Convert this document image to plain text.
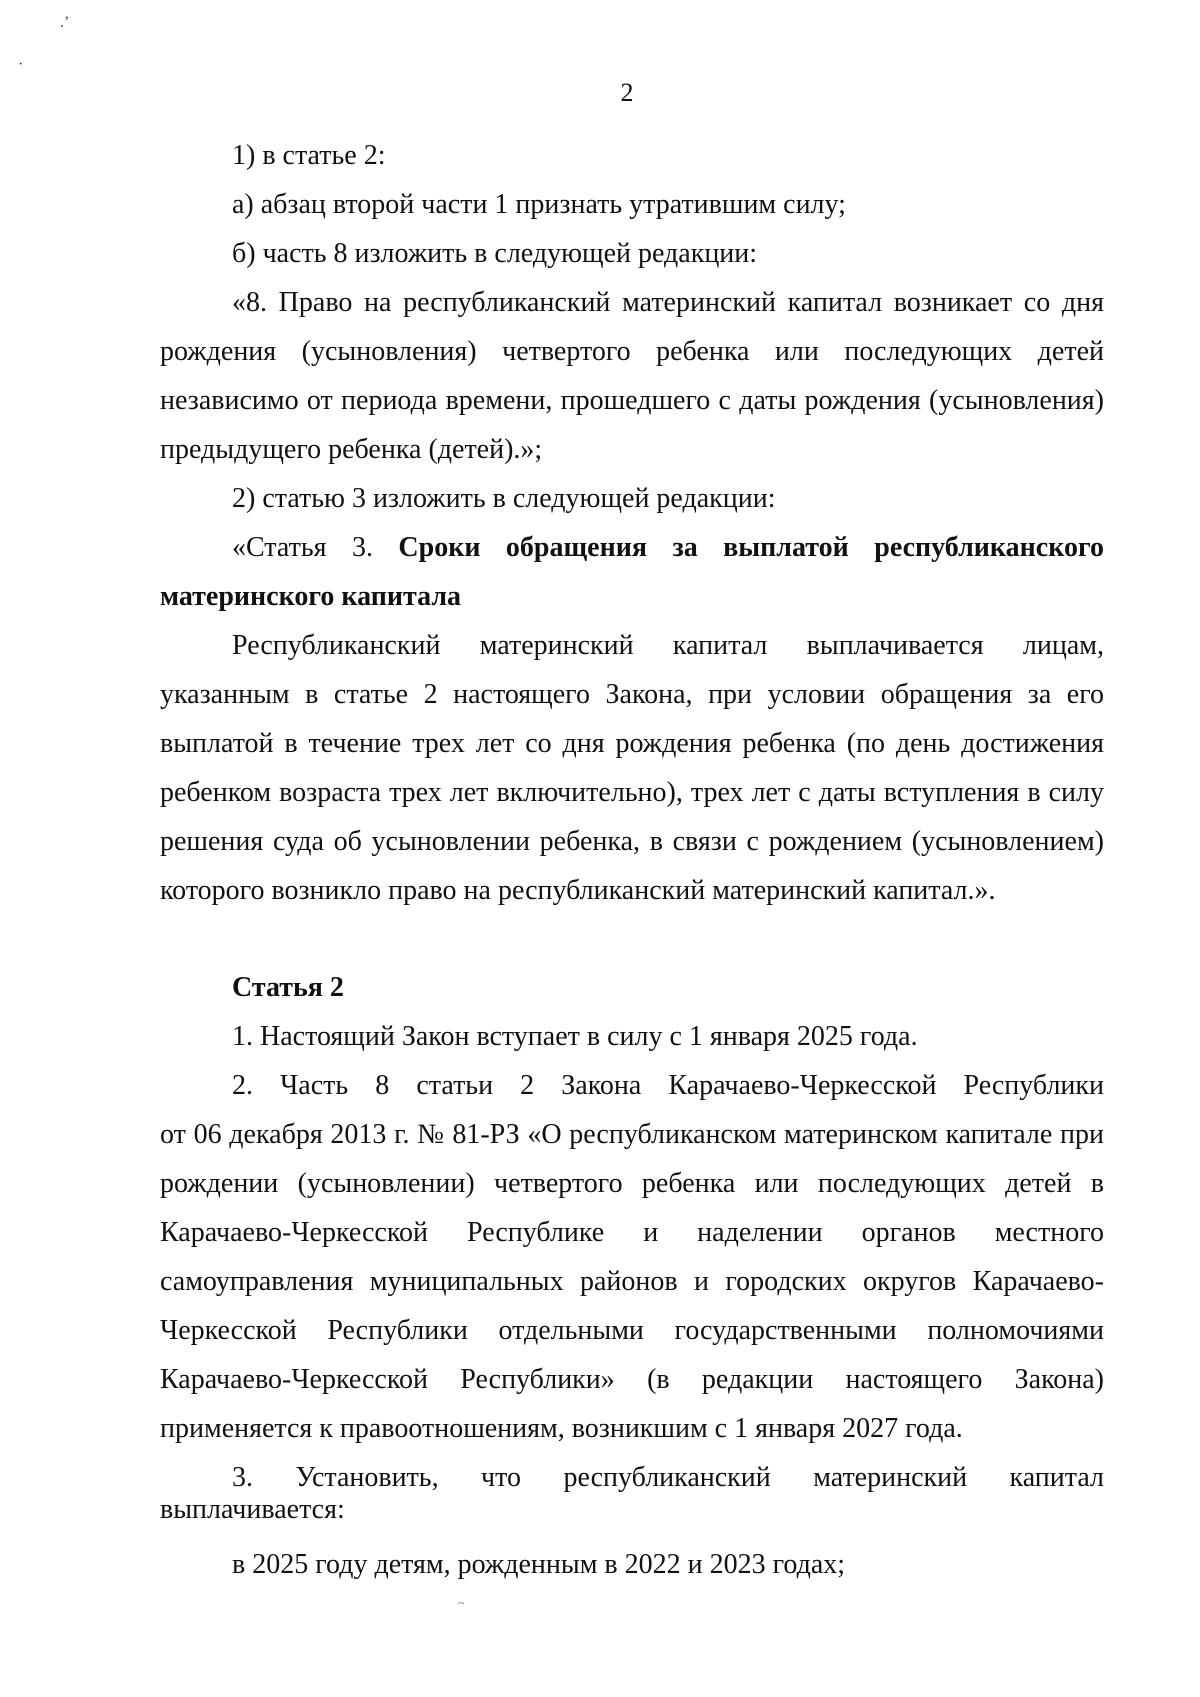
.ʼ
·
~
2
1) в статье 2:
а) абзац второй части 1 признать утратившим силу;
б) часть 8 изложить в следующей редакции:
«8. Право на республиканский материнский капитал возникает со дня
рождения (усыновления) четвертого ребенка или последующих детей
независимо от периода времени, прошедшего с даты рождения (усыновления)
предыдущего ребенка (детей).»;
2) статью 3 изложить в следующей редакции:
«Статья 3. Сроки обращения за выплатой республиканского
материнского капитала
Республиканский материнский капитал выплачивается лицам,
указанным в статье 2 настоящего Закона, при условии обращения за его
выплатой в течение трех лет со дня рождения ребенка (по день достижения
ребенком возраста трех лет включительно), трех лет с даты вступления в силу
решения суда об усыновлении ребенка, в связи с рождением (усыновлением)
которого возникло право на республиканский материнский капитал.».
Статья 2
1. Настоящий Закон вступает в силу с 1 января 2025 года.
2. Часть 8 статьи 2 Закона Карачаево-Черкесской Республики
от 06 декабря 2013 г. № 81-РЗ «О республиканском материнском капитале при
рождении (усыновлении) четвертого ребенка или последующих детей в
Карачаево-Черкесской Республике и наделении органов местного
самоуправления муниципальных районов и городских округов Карачаево-
Черкесской Республики отдельными государственными полномочиями
Карачаево-Черкесской Республики» (в редакции настоящего Закона)
применяется к правоотношениям, возникшим с 1 января 2027 года.
3. Установить, что республиканский материнский капитал
выплачивается:
в 2025 году детям, рожденным в 2022 и 2023 годах;
